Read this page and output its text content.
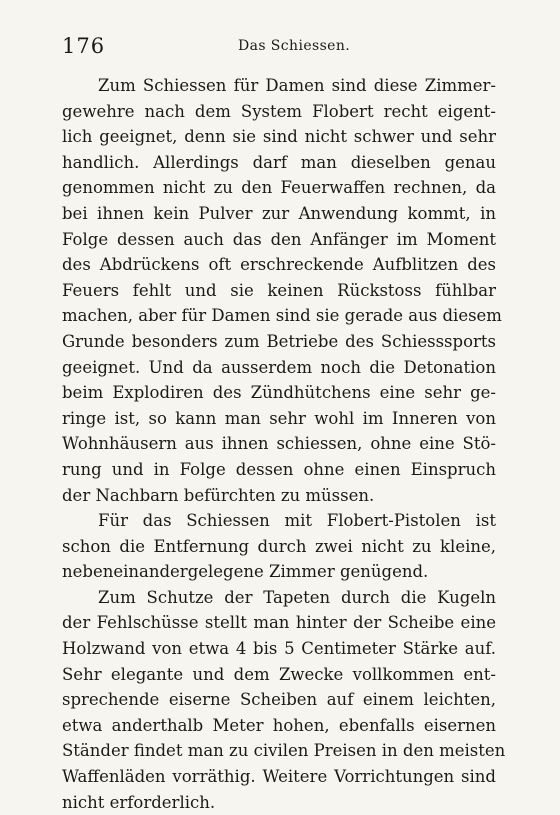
176	Das Schiessen.

Zum Schiessen für Damen sind diese Zimmer-
gewehre nach dem System Flobert recht eigent-
lich geeignet, denn sie sind nicht schwer und sehr
handlich. Allerdings darf man dieselben genau
genommen nicht zu den Feuerwaffen rechnen, da
bei ihnen kein Pulver zur Anwendung kommt, in
Folge dessen auch das den Anfänger im Moment
des Abdrückens oft erschreckende Aufblitzen des
Feuers fehlt und sie keinen Rückstoss fühlbar
machen, aber für Damen sind sie gerade aus diesem
Grunde besonders zum Betriebe des Schiesssports
geeignet. Und da ausserdem noch die Detonation
beim Explodiren des Zündhütchens eine sehr ge-
ringe ist, so kann man sehr wohl im Inneren von
Wohnhäusern aus ihnen schiessen, ohne eine Stö-
rung und in Folge dessen ohne einen Einspruch
der Nachbarn befürchten zu müssen.

Für das Schiessen mit Flobert-Pistolen ist
schon die Entfernung durch zwei nicht zu kleine,
nebeneinandergelegene Zimmer genügend.

Zum Schutze der Tapeten durch die Kugeln
der Fehlschüsse stellt man hinter der Scheibe eine
Holzwand von etwa 4 bis 5 Centimeter Stärke auf.
Sehr elegante und dem Zwecke vollkommen ent-
sprechende eiserne Scheiben auf einem leichten,
etwa anderthalb Meter hohen, ebenfalls eisernen
Ständer findet man zu civilen Preisen in den meisten
Waffenläden vorräthig. Weitere Vorrichtungen sind
nicht erforderlich.
